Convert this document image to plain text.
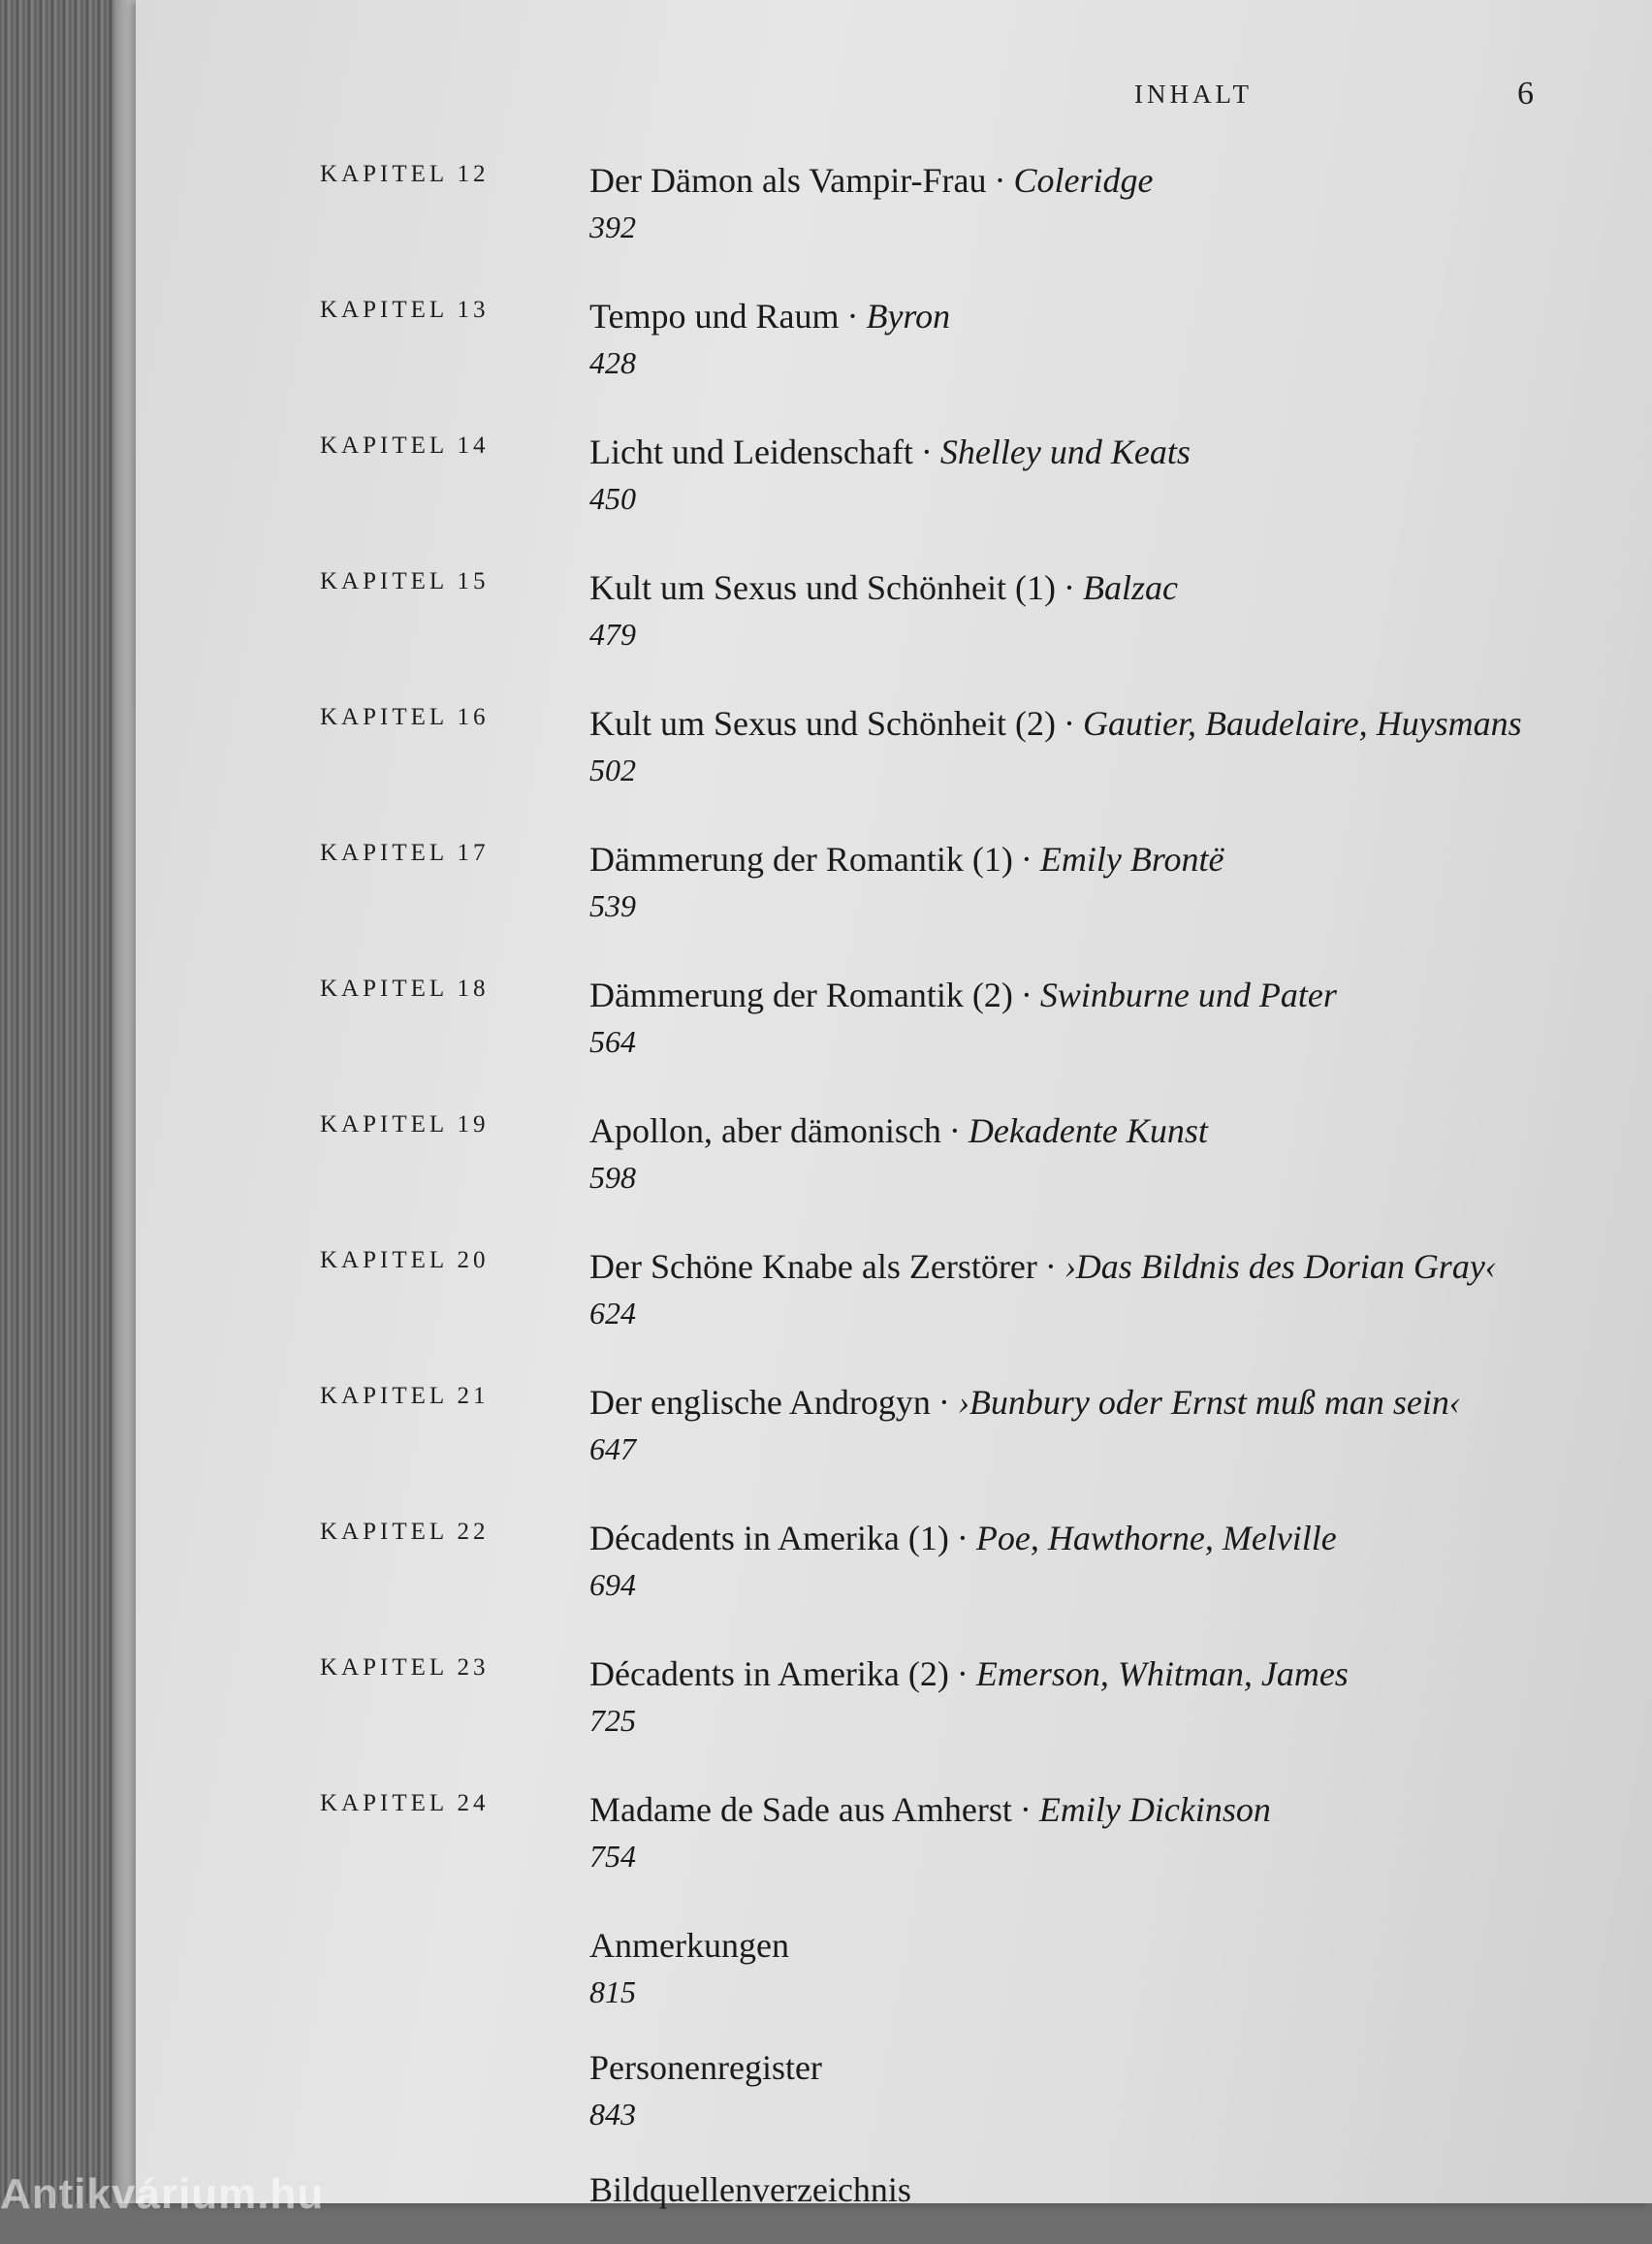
INHALT	6
KAPITEL 12	Der Dämon als Vampir-Frau · Coleridge
392
KAPITEL 13	Tempo und Raum · Byron
428
KAPITEL 14	Licht und Leidenschaft · Shelley und Keats
450
KAPITEL 15	Kult um Sexus und Schönheit (1) · Balzac
479
KAPITEL 16	Kult um Sexus und Schönheit (2) · Gautier, Baudelaire, Huysmans
502
KAPITEL 17	Dämmerung der Romantik (1) · Emily Brontë
539
KAPITEL 18	Dämmerung der Romantik (2) · Swinburne und Pater
564
KAPITEL 19	Apollon, aber dämonisch · Dekadente Kunst
598
KAPITEL 20	Der Schöne Knabe als Zerstörer · ›Das Bildnis des Dorian Gray‹
624
KAPITEL 21	Der englische Androgyn · ›Bunbury oder Ernst muß man sein‹
647
KAPITEL 22	Décadents in Amerika (1) · Poe, Hawthorne, Melville
694
KAPITEL 23	Décadents in Amerika (2) · Emerson, Whitman, James
725
KAPITEL 24	Madame de Sade aus Amherst · Emily Dickinson
754
Anmerkungen
815
Personenregister
843
Bildquellenverzeichnis
Antikvárium.hu
